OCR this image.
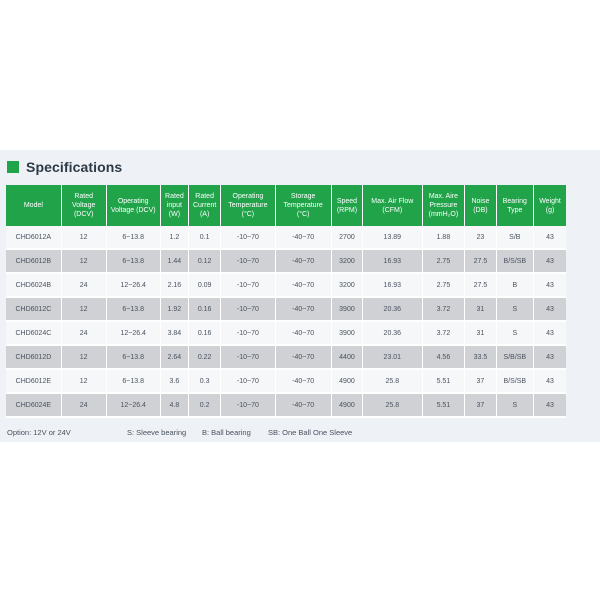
Specifications
Model	Rated Voltage (DCV)	Operating Voltage (DCV)	Rated input (W)	Rated Current (A)	Operating Temperature (°C)	Storage Temperature (°C)	Speed (RPM)	Max. Air Flow (CFM)	Max. Aire Pressure (mmH₂O)	Noise (DB)	Bearing Type	Weight (g)
CHD6012A	12	6~13.8	1.2	0.1	-10~70	-40~70	2700	13.89	1.88	23	S/B	43
CHD6012B	12	6~13.8	1.44	0.12	-10~70	-40~70	3200	16.93	2.75	27.5	B/S/SB	43
CHD6024B	24	12~26.4	2.16	0.09	-10~70	-40~70	3200	16.93	2.75	27.5	B	43
CHD6012C	12	6~13.8	1.92	0.16	-10~70	-40~70	3900	20.36	3.72	31	S	43
CHD6024C	24	12~26.4	3.84	0.16	-10~70	-40~70	3900	20.36	3.72	31	S	43
CHD6012D	12	6~13.8	2.64	0.22	-10~70	-40~70	4400	23.01	4.56	33.5	S/B/SB	43
CHD6012E	12	6~13.8	3.6	0.3	-10~70	-40~70	4900	25.8	5.51	37	B/S/SB	43
CHD6024E	24	12~26.4	4.8	0.2	-10~70	-40~70	4900	25.8	5.51	37	S	43
Option: 12V or 24V	S: Sleeve bearing	B: Ball bearing	SB: One Ball One Sleeve
